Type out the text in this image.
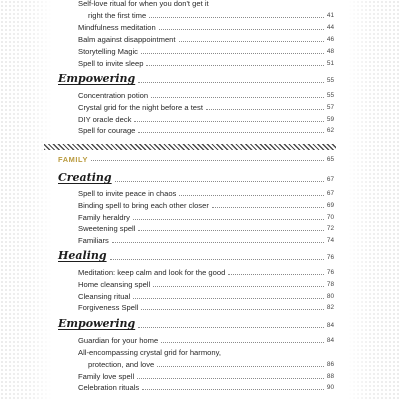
Self-love ritual for when you don't get it
right the first time	41
Mindfulness meditation	44
Balm against disappointment	46
Storytelling Magic	48
Spell to invite sleep	51
Empowering	55
Concentration potion	55
Crystal grid for the night before a test	57
DIY oracle deck	59
Spell for courage	62
FAMILY	65
Creating	67
Spell to invite peace in chaos	67
Binding spell to bring each other closer	69
Family heraldry	70
Sweetening spell	72
Familiars	74
Healing	76
Meditation: keep calm and look for the good	76
Home cleansing spell	78
Cleansing ritual	80
Forgiveness Spell	82
Empowering	84
Guardian for your home	84
All-encompassing crystal grid for harmony,
protection, and love	86
Family love spell	88
Celebration rituals	90
